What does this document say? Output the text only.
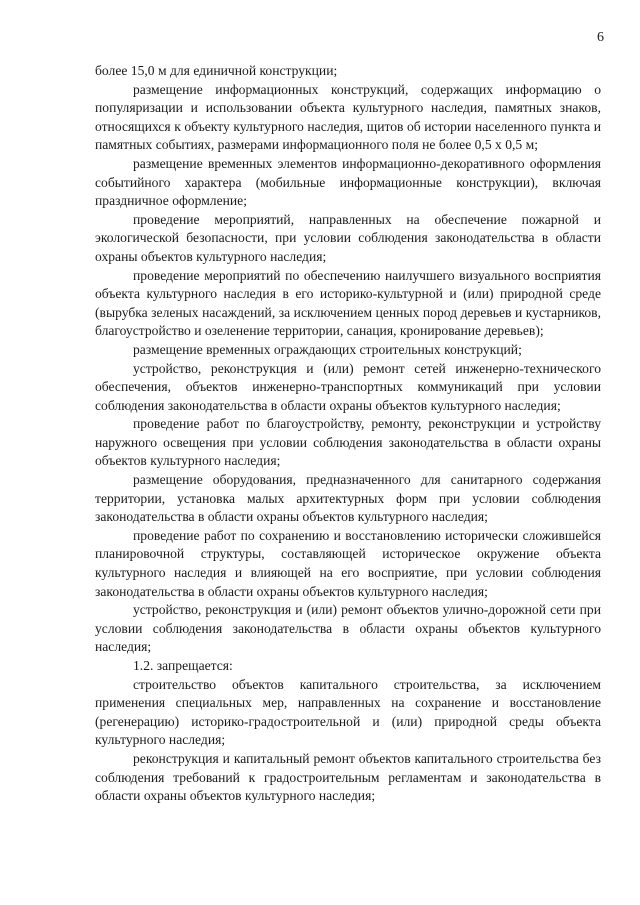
6

более 15,0 м для единичной конструкции;

размещение информационных конструкций, содержащих информацию о популяризации и использовании объекта культурного наследия, памятных знаков, относящихся к объекту культурного наследия, щитов об истории населенного пункта и памятных событиях, размерами информационного поля не более 0,5 х 0,5 м;

размещение временных элементов информационно-декоративного оформления событийного характера (мобильные информационные конструкции), включая праздничное оформление;

проведение мероприятий, направленных на обеспечение пожарной и экологической безопасности, при условии соблюдения законодательства в области охраны объектов культурного наследия;

проведение мероприятий по обеспечению наилучшего визуального восприятия объекта культурного наследия в его историко-культурной и (или) природной среде (вырубка зеленых насаждений, за исключением ценных пород деревьев и кустарников, благоустройство и озеленение территории, санация, кронирование деревьев);

размещение временных ограждающих строительных конструкций;

устройство, реконструкция и (или) ремонт сетей инженерно-технического обеспечения, объектов инженерно-транспортных коммуникаций при условии соблюдения законодательства в области охраны объектов культурного наследия;

проведение работ по благоустройству, ремонту, реконструкции и устройству наружного освещения при условии соблюдения законодательства в области охраны объектов культурного наследия;

размещение оборудования, предназначенного для санитарного содержания территории, установка малых архитектурных форм при условии соблюдения законодательства в области охраны объектов культурного наследия;

проведение работ по сохранению и восстановлению исторически сложившейся планировочной структуры, составляющей историческое окружение объекта культурного наследия и влияющей на его восприятие, при условии соблюдения законодательства в области охраны объектов культурного наследия;

устройство, реконструкция и (или) ремонт объектов улично-дорожной сети при условии соблюдения законодательства в области охраны объектов культурного наследия;

1.2. запрещается:

строительство объектов капитального строительства, за исключением применения специальных мер, направленных на сохранение и восстановление (регенерацию) историко-градостроительной и (или) природной среды объекта культурного наследия;

реконструкция и капитальный ремонт объектов капитального строительства без соблюдения требований к градостроительным регламентам и законодательства в области охраны объектов культурного наследия;
